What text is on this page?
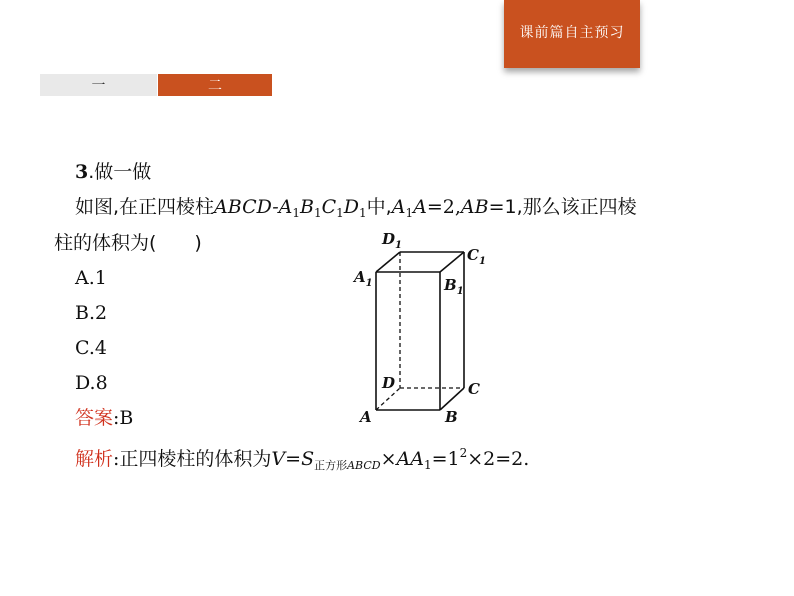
课前篇自主预习
一	二
3.做一做
如图,在正四棱柱ABCD-$A_1B_1C_1D_1$中$,A_1A=2,AB=1$,那么该正四棱
柱的体积为(　　)
A.1
B.2
C.4
D.8
答案:B
解析:正四棱柱的体积为$V=S_{正方形ABCD}\times AA_1=1^2\times 2=2$.
$D_1$
$C_1$
$A_1$	$B_1$
D	C
A	B
